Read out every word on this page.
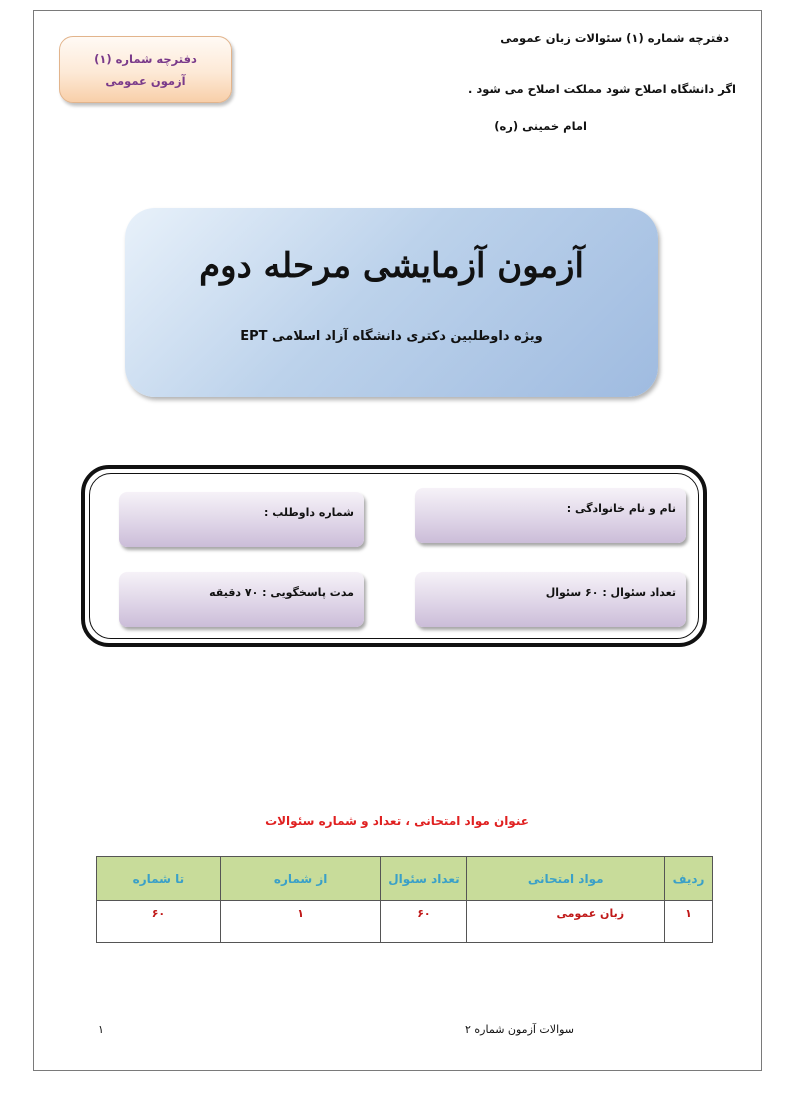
دفترچه شماره (۱) سئوالات زبان عمومی
اگر دانشگاه اصلاح شود مملکت اصلاح می شود .
امام خمینی (ره)
دفترچه شماره (۱)
آزمون عمومی
آزمون آزمایشی مرحله دوم
ویژه داوطلبین دکتری دانشگاه آزاد اسلامی EPT
نام و نام خانوادگی :
شماره داوطلب :
تعداد سئوال : ۶۰ سئوال
مدت پاسخگویی : ۷۰ دقیقه
عنوان مواد امتحانی ، تعداد و شماره سئوالات
ردیف	مواد امتحانی	تعداد سئوال	از شماره	تا شماره

۱	زبان عمومی	۶۰	۱	۶۰
سوالات آزمون شماره ۲
۱
